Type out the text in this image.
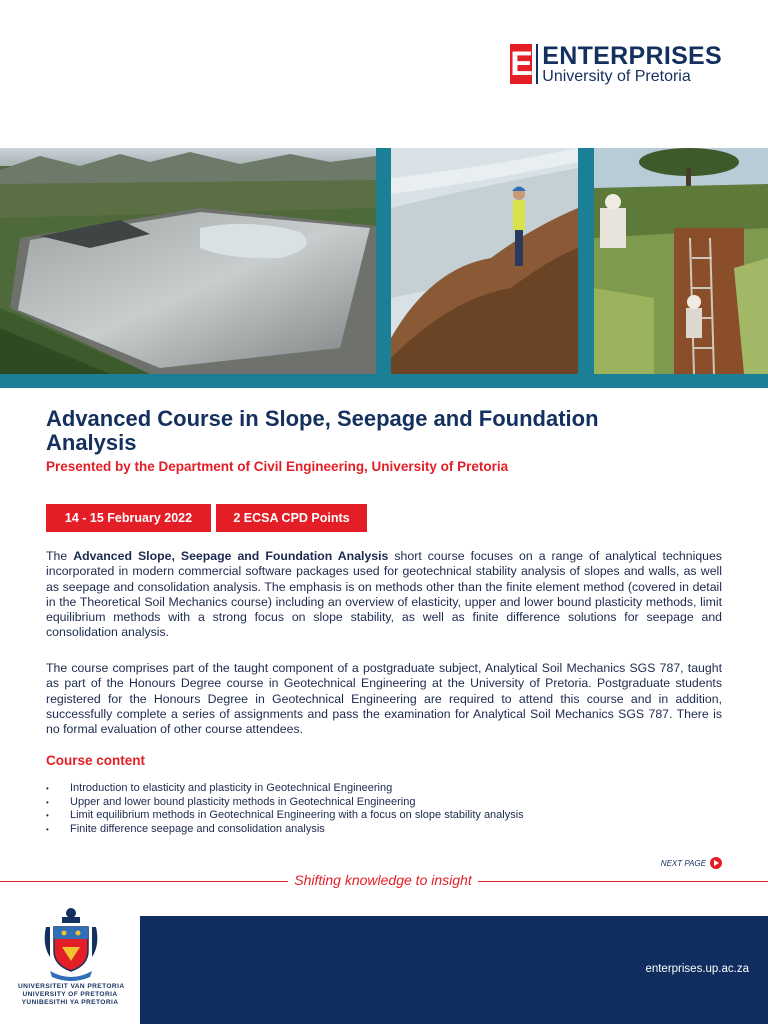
E ENTERPRISES
University of Pretoria
Advanced Course in Slope, Seepage and Foundation Analysis
Presented by the Department of Civil Engineering, University of Pretoria
14 - 15 February 2022	2 ECSA CPD Points

The Advanced Slope, Seepage and Foundation Analysis short course focuses on a range of analytical techniques incorporated in modern commercial software packages used for geotechnical stability analysis of slopes and walls, as well as seepage and consolidation analysis. The emphasis is on methods other than the finite element method (covered in detail in the Theoretical Soil Mechanics course) including an overview of elasticity, upper and lower bound plasticity methods, limit equilibrium methods with a strong focus on slope stability, as well as finite difference solutions for seepage and consolidation analysis.

The course comprises part of the taught component of a postgraduate subject, Analytical Soil Mechanics SGS 787, taught as part of the Honours Degree course in Geotechnical Engineering at the University of Pretoria. Postgraduate students registered for the Honours Degree in Geotechnical Engineering are required to attend this course and in addition, successfully complete a series of assignments and pass the examination for Analytical Soil Mechanics SGS 787. There is no formal evaluation of other course attendees.

Course content
• Introduction to elasticity and plasticity in Geotechnical Engineering
• Upper and lower bound plasticity methods in Geotechnical Engineering
• Limit equilibrium methods in Geotechnical Engineering with a focus on slope stability analysis
• Finite difference seepage and consolidation analysis
NEXT PAGE
Shifting knowledge to insight
UNIVERSITEIT VAN PRETORIA
UNIVERSITY OF PRETORIA
YUNIBESITHI YA PRETORIA
enterprises.up.ac.za
